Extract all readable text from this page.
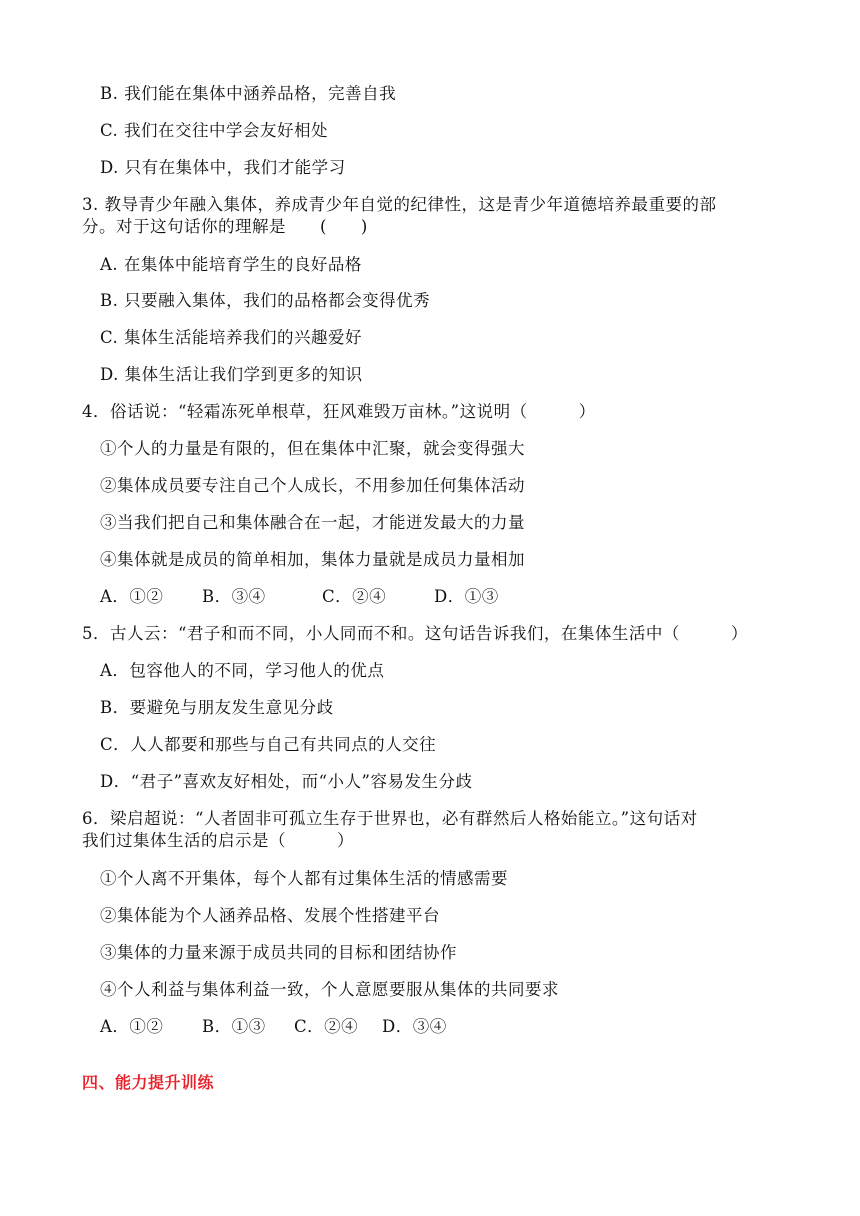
B. 我们能在集体中涵养品格，完善自我
C. 我们在交往中学会友好相处
D. 只有在集体中，我们才能学习
3. 教导青少年融入集体，养成青少年自觉的纪律性，这是青少年道德培养最重要的部
分。对于这句话你的理解是　　(　　)
A. 在集体中能培育学生的良好品格
B. 只要融入集体，我们的品格都会变得优秀
C. 集体生活能培养我们的兴趣爱好
D. 集体生活让我们学到更多的知识
4．俗话说：“轻霜冻死单根草，狂风难毁万亩林。”这说明（　　　）
①个人的力量是有限的，但在集体中汇聚，就会变得强大
②集体成员要专注自己个人成长，不用参加任何集体活动
③当我们把自己和集体融合在一起，才能迸发最大的力量
④集体就是成员的简单相加，集体力量就是成员力量相加
A．①② B．③④	C．②④	D．①③
5．古人云：“君子和而不同，小人同而不和。这句话告诉我们，在集体生活中（　　　）
A．包容他人的不同，学习他人的优点
B．要避免与朋友发生意见分歧
C．人人都要和那些与自己有共同点的人交往
D．“君子”喜欢友好相处，而“小人”容易发生分歧
6．梁启超说：“人者固非可孤立生存于世界也，必有群然后人格始能立。”这句话对
我们过集体生活的启示是（　　　）
①个人离不开集体，每个人都有过集体生活的情感需要
②集体能为个人涵养品格、发展个性搭建平台
③集体的力量来源于成员共同的目标和团结协作
④个人利益与集体利益一致，个人意愿要服从集体的共同要求
A．①② B．①③ C．②④ D．③④
四、能力提升训练
